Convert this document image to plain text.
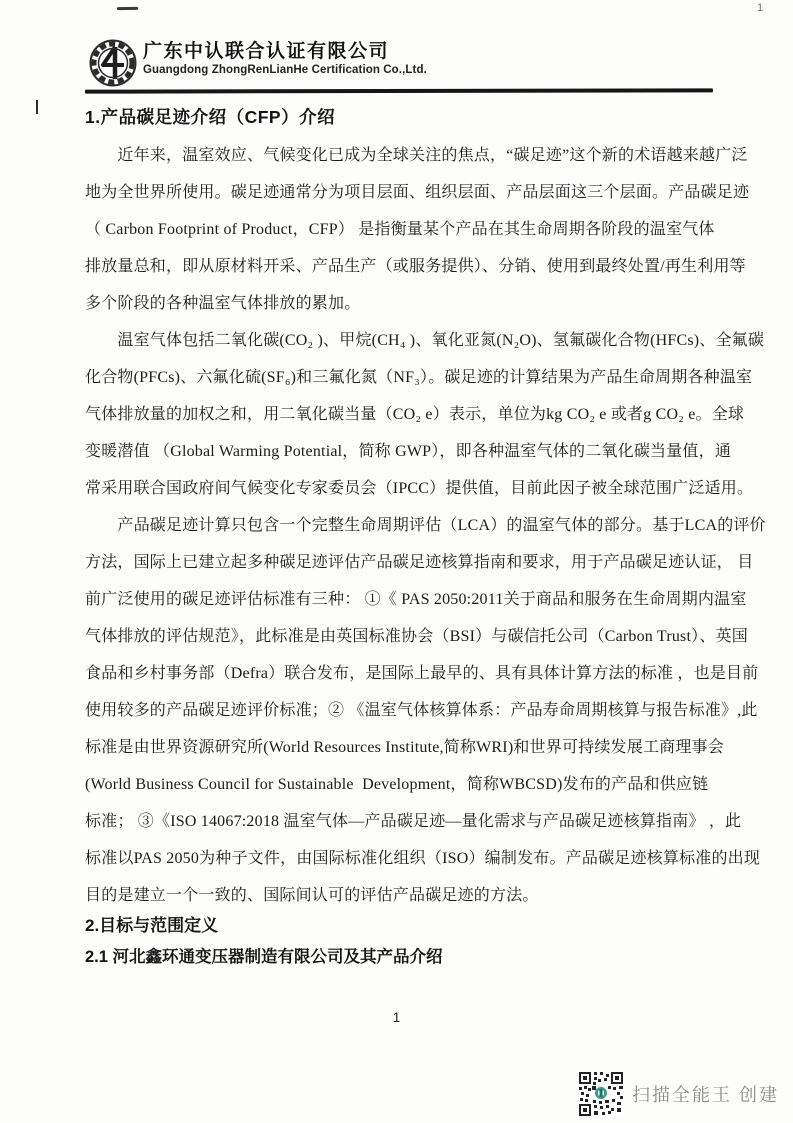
广东中认联合认证有限公司
Guangdong ZhongRenLianHe Certification Co.,Ltd.
1
1.产品碳足迹介绍（CFP）介绍
　　近年来，温室效应、气候变化已成为全球关注的焦点，“碳足迹”这个新的术语越来越广泛
地为全世界所使用。碳足迹通常分为项目层面、组织层面、产品层面这三个层面。产品碳足迹
（ Carbon Footprint of Product，CFP） 是指衡量某个产品在其生命周期各阶段的温室气体
排放量总和，即从原材料开采、产品生产（或服务提供）、分销、使用到最终处置/再生利用等
多个阶段的各种温室气体排放的累加。
　　温室气体包括二氧化碳(CO₂ )、甲烷(CH₄ )、氧化亚氮(N₂O)、氢氟碳化合物(HFCs)、全氟碳
化合物(PFCs)、六氟化硫(SF₆)和三氟化氮（NF₃）。碳足迹的计算结果为产品生命周期各种温室
气体排放量的加权之和，用二氧化碳当量（CO₂ e）表示，单位为kg CO₂ e 或者g CO₂ e。全球
变暖潜值 （Global Warming Potential，简称 GWP），即各种温室气体的二氧化碳当量值，通
常采用联合国政府间气候变化专家委员会（IPCC）提供值，目前此因子被全球范围广泛适用。
　　产品碳足迹计算只包含一个完整生命周期评估（LCA）的温室气体的部分。基于LCA的评价
方法，国际上已建立起多种碳足迹评估产品碳足迹核算指南和要求，用于产品碳足迹认证， 目
前广泛使用的碳足迹评估标准有三种： ①《 PAS 2050:2011关于商品和服务在生命周期内温室
气体排放的评估规范》，此标准是由英国标准协会（BSI）与碳信托公司（Carbon Trust）、英国
食品和乡村事务部（Defra）联合发布，是国际上最早的、具有具体计算方法的标准 ，也是目前
使用较多的产品碳足迹评价标准；② 《温室气体核算体系：产品寿命周期核算与报告标准》,此
标准是由世界资源研究所(World Resources Institute,简称WRI)和世界可持续发展工商理事会
(World Business Council for Sustainable  Development，简称WBCSD)发布的产品和供应链
标准； ③《ISO 14067:2018 温室气体—产品碳足迹—量化需求与产品碳足迹核算指南》 ，此
标准以PAS 2050为种子文件，由国际标准化组织（ISO）编制发布。产品碳足迹核算标准的出现
目的是建立一个一致的、国际间认可的评估产品碳足迹的方法。
2.目标与范围定义
2.1 河北鑫环通变压器制造有限公司及其产品介绍
1
扫描全能王 创建
